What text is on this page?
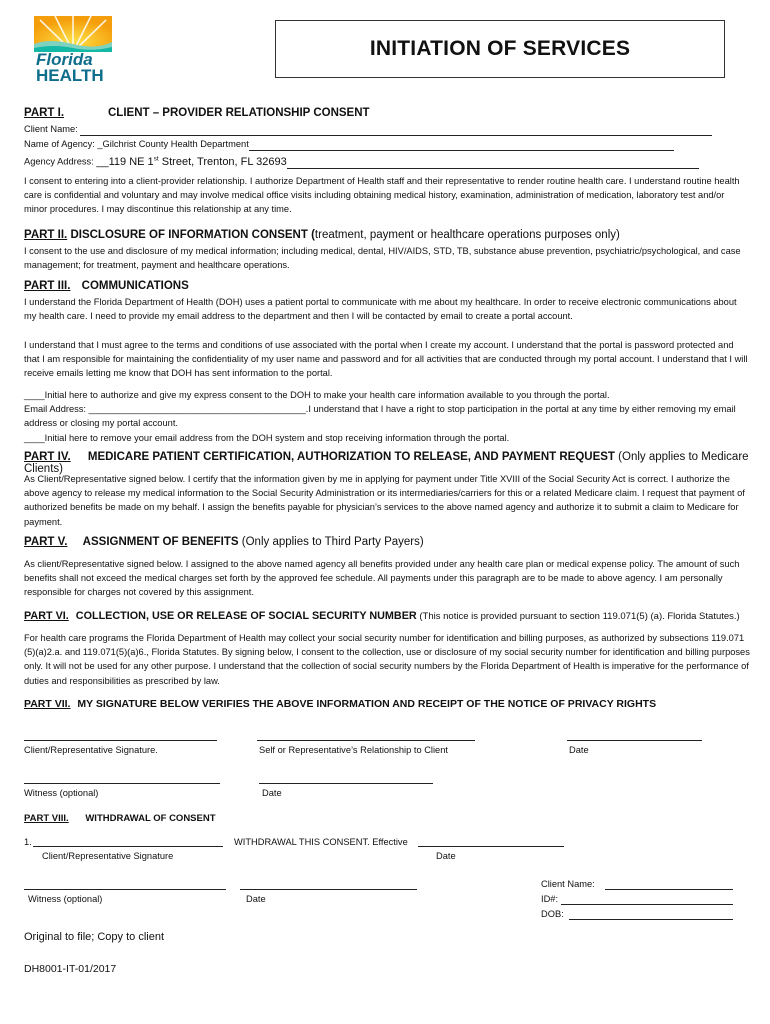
Florida
HEALTH
INITIATION OF SERVICES
PART I.	CLIENT – PROVIDER RELATIONSHIP CONSENT
Client Name:
Name of Agency: _Gilchrist County Health Department
Agency Address: __119 NE 1st Street, Trenton, FL 32693
I consent to entering into a client-provider relationship. I authorize Department of Health staff and their representative to render routine health care. I understand routine health care is confidential and voluntary and may involve medical office visits including obtaining medical history, examination, administration of medication, laboratory test and/or minor procedures. I may discontinue this relationship at any time.
PART II. DISCLOSURE OF INFORMATION CONSENT (treatment, payment or healthcare operations purposes only)
I consent to the use and disclosure of my medical information; including medical, dental, HIV/AIDS, STD, TB, substance abuse prevention, psychiatric/psychological, and case management; for treatment, payment and healthcare operations.
PART III. COMMUNICATIONS
I understand the Florida Department of Health (DOH) uses a patient portal to communicate with me about my healthcare. In order to receive electronic communications about my health care. I need to provide my email address to the department and then I will be contacted by email to create a portal account.
I understand that I must agree to the terms and conditions of use associated with the portal when I create my account. I understand that the portal is password protected and that I am responsible for maintaining the confidentiality of my user name and password and for all activities that are conducted through my portal account. I understand that I will receive emails letting me know that DOH has sent information to the portal.
____Initial here to authorize and give my express consent to the DOH to make your health care information available to you through the portal.
Email Address: __________________________________________.I understand that I have a right to stop participation in the portal at any time by either removing my email address or closing my portal account.
____Initial here to remove your email address from the DOH system and stop receiving information through the portal.
PART IV. MEDICARE PATIENT CERTIFICATION, AUTHORIZATION TO RELEASE, AND PAYMENT REQUEST (Only applies to Medicare Clients)
As Client/Representative signed below. I certify that the information given by me in applying for payment under Title XVIII of the Social Security Act is correct. I authorize the above agency to release my medical information to the Social Security Administration or its intermediaries/carriers for this or a related Medicare claim. I request that payment of authorized benefits be made on my behalf. I assign the benefits payable for physician’s services to the above named agency and authorize it to submit a claim to Medicare for payment.
PART V. ASSIGNMENT OF BENEFITS (Only applies to Third Party Payers)
As client/Representative signed below. I assigned to the above named agency all benefits provided under any health care plan or medical expense policy. The amount of such benefits shall not exceed the medical charges set forth by the approved fee schedule. All payments under this paragraph are to be made to above agency. I am personally responsible for charges not covered by this assignment.
PART VI. COLLECTION, USE OR RELEASE OF SOCIAL SECURITY NUMBER (This notice is provided pursuant to section 119.071(5) (a). Florida Statutes.)
For health care programs the Florida Department of Health may collect your social security number for identification and billing purposes, as authorized by subsections 119.071 (5)(a)2.a. and 119.071(5)(a)6., Florida Statutes. By signing below, I consent to the collection, use or disclosure of my social security number for identification and billing purposes only. It will not be used for any other purpose. I understand that the collection of social security numbers by the Florida Department of Health is imperative for the performance of duties and responsibilities as prescribed by law.
PART VII. MY SIGNATURE BELOW VERIFIES THE ABOVE INFORMATION AND RECEIPT OF THE NOTICE OF PRIVACY RIGHTS
Client/Representative Signature.	Self or Representative’s Relationship to Client	Date
Witness (optional)	Date
PART VIII. WITHDRAWAL OF CONSENT
1.	WITHDRAWAL THIS CONSENT. Effective
Client/Representative Signature	Date
Witness (optional)	Date
Client Name:
ID#:
DOB:
Original to file; Copy to client
DH8001-IT-01/2017
